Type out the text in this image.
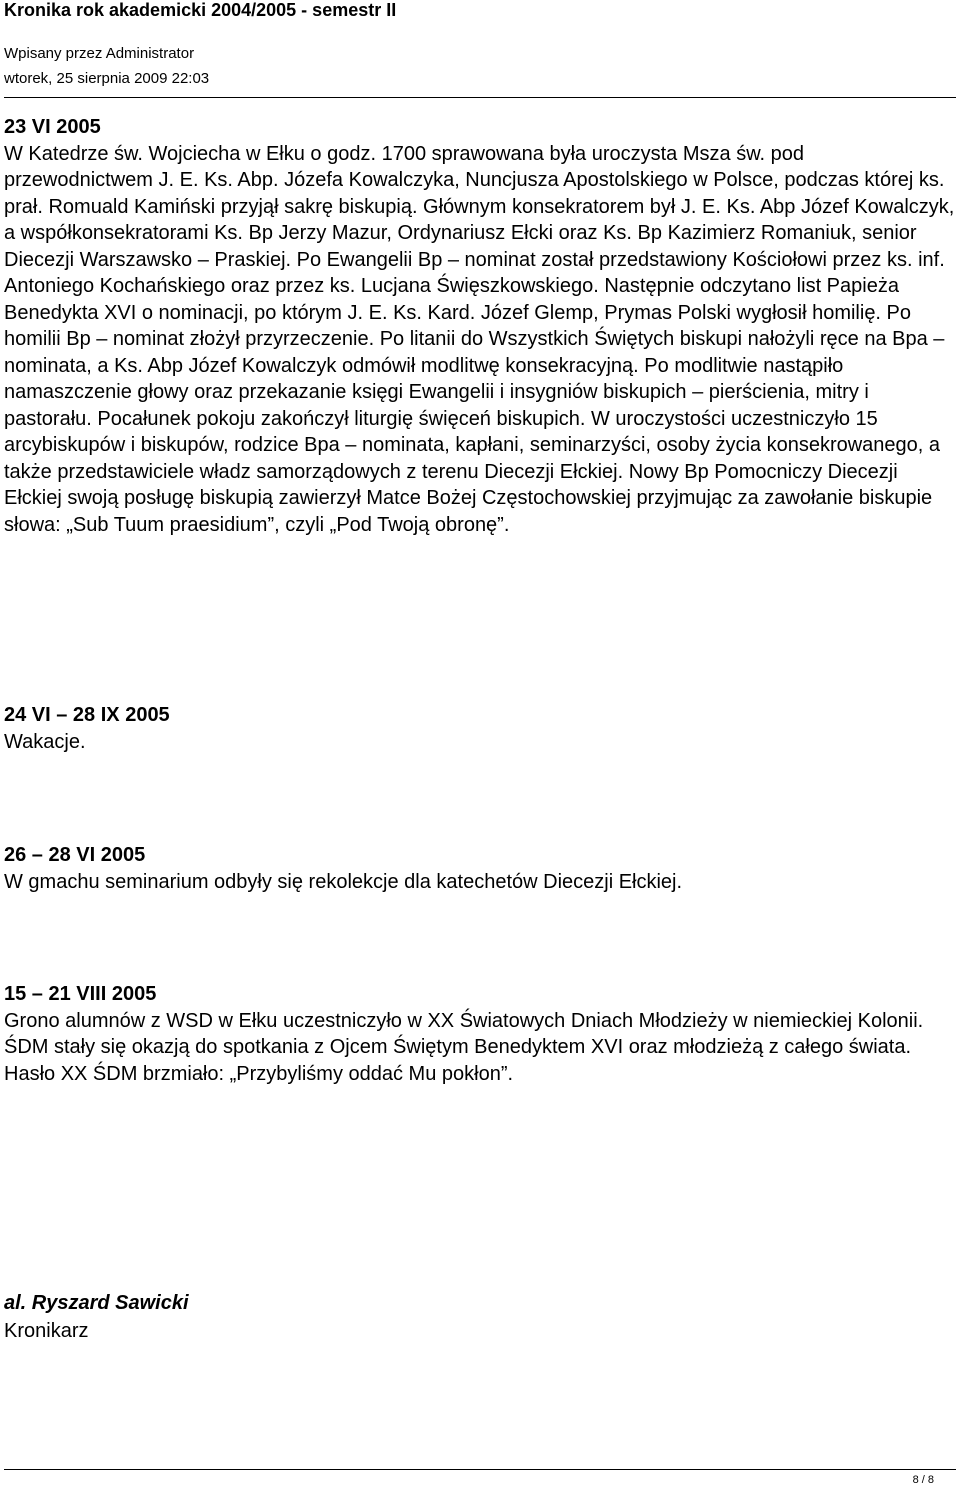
Kronika rok akademicki 2004/2005 - semestr II
Wpisany przez Administrator
wtorek, 25 sierpnia 2009 22:03
23 VI 2005
W Katedrze św. Wojciecha w Ełku o godz. 1700 sprawowana była uroczysta Msza św. pod przewodnictwem J. E. Ks. Abp. Józefa Kowalczyka, Nuncjusza Apostolskiego w Polsce, podczas której ks. prał. Romuald Kamiński przyjął sakrę biskupią. Głównym konsekratorem był J. E. Ks. Abp Józef Kowalczyk, a współkonsekratorami Ks. Bp Jerzy Mazur, Ordynariusz Ełcki oraz Ks. Bp Kazimierz Romaniuk, senior Diecezji Warszawsko – Praskiej. Po Ewangelii Bp – nominat został przedstawiony Kościołowi przez ks. inf. Antoniego Kochańskiego oraz przez ks. Lucjana Święszkowskiego. Następnie odczytano list Papieża Benedykta XVI o nominacji, po którym J. E. Ks. Kard. Józef Glemp, Prymas Polski wygłosił homilię. Po homilii Bp – nominat złożył przyrzeczenie. Po litanii do Wszystkich Świętych biskupi nałożyli ręce na Bpa – nominata, a Ks. Abp Józef Kowalczyk odmówił modlitwę konsekracyjną. Po modlitwie nastąpiło namaszczenie głowy oraz przekazanie księgi Ewangelii i insygniów biskupich – pierścienia, mitry i pastorału. Pocałunek pokoju zakończył liturgię święceń biskupich. W uroczystości uczestniczyło 15 arcybiskupów i biskupów, rodzice Bpa – nominata, kapłani, seminarzyści, osoby życia konsekrowanego, a także przedstawiciele władz samorządowych z terenu Diecezji Ełckiej. Nowy Bp Pomocniczy Diecezji Ełckiej swoją posługę biskupią zawierzył Matce Bożej Częstochowskiej przyjmując za zawołanie biskupie słowa: „Sub Tuum praesidium”, czyli „Pod Twoją obronę”.
24 VI – 28 IX 2005
Wakacje.
26 – 28 VI 2005
W gmachu seminarium odbyły się rekolekcje dla katechetów Diecezji Ełckiej.
15 – 21 VIII 2005
Grono alumnów z WSD w Ełku uczestniczyło w XX Światowych Dniach Młodzieży w niemieckiej Kolonii. ŚDM stały się okazją do spotkania z Ojcem Świętym Benedyktem XVI oraz młodzieżą z całego świata. Hasło XX ŚDM brzmiało: „Przybyliśmy oddać Mu pokłon”.
al. Ryszard Sawicki
Kronikarz
8 / 8
